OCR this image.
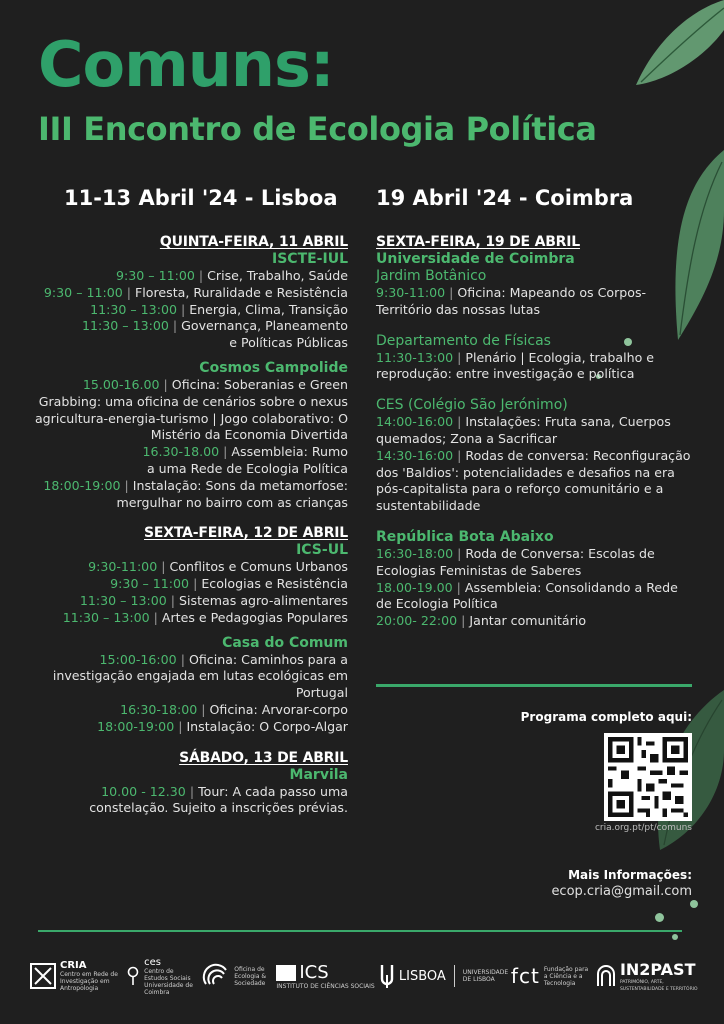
Comuns:
III Encontro de Ecologia Política
11-13 Abril '24 - Lisboa 19 Abril '24 - Coimbra

QUINTA-FEIRA, 11 ABRIL

ISCTE-IUL

9:30 – 11:00 | Crise, Trabalho, Saúde

9:30 – 11:00 | Floresta, Ruralidade e Resistência

11:30 – 13:00 | Energia, Clima, Transição

11:30 – 13:00 | Governança, Planeamento e Políticas Públicas

Cosmos Campolide

15.00-16.00 | Oficina: Soberanias e Green Grabbing: uma oficina de cenários sobre o nexus agricultura-energia-turismo | Jogo colaborativo: O Mistério da Economia Divertida

16.30-18.00 | Assembleia: Rumo a uma Rede de Ecologia Política

18:00-19:00 | Instalação: Sons da metamorfose: mergulhar no bairro com as crianças

SEXTA-FEIRA, 12 DE ABRIL

ICS-UL

9:30-11:00 | Conflitos e Comuns Urbanos

9:30 – 11:00 | Ecologias e Resistência

11:30 – 13:00 | Sistemas agro-alimentares

11:30 – 13:00 | Artes e Pedagogias Populares

Casa do Comum

15:00-16:00 | Oficina: Caminhos para a investigação engajada em lutas ecológicas em Portugal

16:30-18:00 | Oficina: Arvorar-corpo

18:00-19:00 | Instalação: O Corpo-Algar

SÁBADO, 13 DE ABRIL

Marvila

10.00 - 12.30 | Tour: A cada passo uma constelação. Sujeito a inscrições prévias.

SEXTA-FEIRA, 19 DE ABRIL

Universidade de Coimbra

Jardim Botânico

9:30-11:00 | Oficina: Mapeando os Corpos-Território das nossas lutas

Departamento de Físicas

11:30-13:00 | Plenário | Ecologia, trabalho e reprodução: entre investigação e política

CES (Colégio São Jerónimo)

14:00-16:00 | Instalações: Fruta sana, Cuerpos quemados; Zona a Sacrificar

14:30-16:00 | Rodas de conversa: Reconfiguração dos 'Baldios': potencialidades e desafios na era pós-capitalista para o reforço comunitário e a sustentabilidade

República Bota Abaixo

16:30-18:00 | Roda de Conversa: Escolas de Ecologias Feministas de Saberes

18.00-19.00 | Assembleia: Consolidando a Rede de Ecologia Política

20:00- 22:00 | Jantar comunitário

Programa completo aqui:
cria.org.pt/pt/comuns
Mais Informações:
ecop.cria@gmail.com
CRIA
Centro em Rede de Investigação em Antropologia
ces
Centro de Estudos Sociais Universidade de Coimbra
Oficina de Ecologia & Sociedade	ICS
INSTITUTO DE CIÊNCIAS SOCIAIS
LISBOA	UNIVERSIDADE DE LISBOA fct Fundação para a Ciência e a Tecnologia
IN2PAST
PATRIMÓNIO, ARTE, SUSTENTABILIDADE E TERRITÓRIO
